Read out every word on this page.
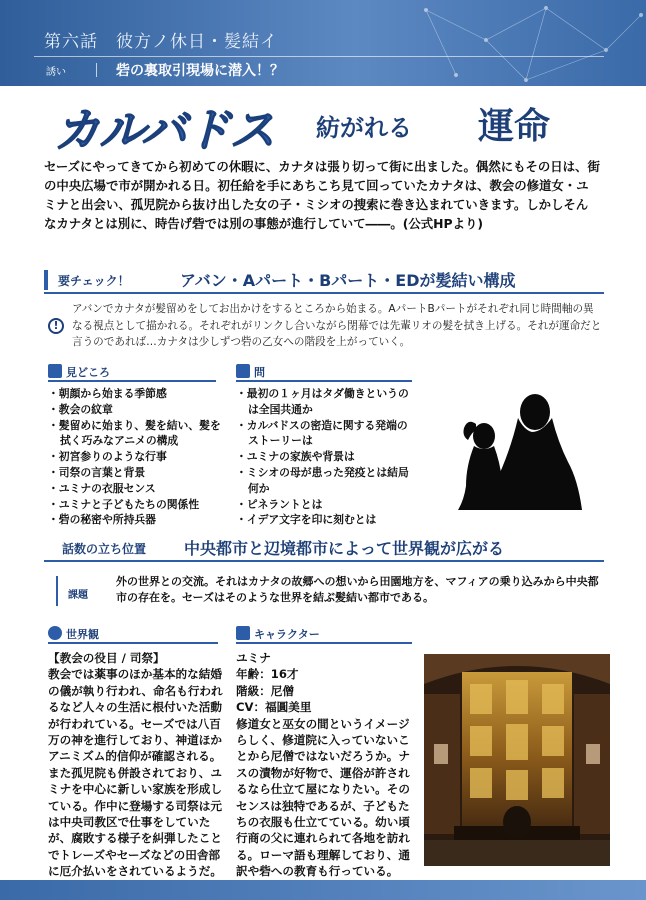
第六話　彼方ノ休日・髪結イ
誘い	砦の裏取引現場に潜入！？
カルバドス 紡がれる 運命

セーズにやってきてから初めての休暇に、カナタは張り切って街に出ました。偶然にもその日は、街の中央広場で市が開かれる日。初任給を手にあちこち見て回っていたカナタは、教会の修道女・ユミナと出会い、孤児院から抜け出した女の子・ミシオの捜索に巻き込まれていきます。しかしそんなカナタとは別に、時告げ砦では別の事態が進行していて――。(公式HPより)

要チェック！	アバン・Aパート・Bパート・EDが髪結い構成
!

アバンでカナタが髪留めをしてお出かけをするところから始まる。AパートBパートがそれぞれ同じ時間軸の異なる視点として描かれる。それぞれがリンクし合いながら閉幕では先輩リオの髪を拭き上げる。それが運命だと言うのであれば…カナタは少しずつ砦の乙女への階段を上がっていく。

見どころ
・ 朝顔から始まる季節感
・ 教会の紋章
・ 髪留めに始まり、髪を結い、髪を拭く巧みなアニメの構成
・ 初宮参りのような行事
・ 司祭の言葉と背景
・ ユミナの衣服センス
・ ユミナと子どもたちの関係性
・ 砦の秘密や所持兵器
問
・ 最初の１ヶ月はタダ働きというのは全国共通か
・ カルバドスの密造に関する発端のストーリーは
・ ユミナの家族や背景は
・ ミシオの母が患った発疫とは結局何か
・ ピネラントとは
・ イデア文字を印に刻むとは
話数の立ち位置 中央都市と辺境都市によって世界観が広がる
課題

外の世界との交流。それはカナタの故郷への想いから田園地方を、マフィアの乗り込みから中央都市の存在を。セーズはそのような世界を結ぶ髪結い都市である。

世界観
【教会の役目 / 司祭】
教会では薬事のほか基本的な結婚の儀が執り行われ、命名も行われるなど人々の生活に根付いた活動が行われている。セーズでは八百万の神を進行しており、神道ほかアニミズム的信仰が確認される。また孤児院も併設されており、ユミナを中心に新しい家族を形成している。作中に登場する司祭は元は中央司教区で仕事をしていたが、腐敗する様子を糾弾したことでトレーズやセーズなどの田舎部に厄介払いをされているようだ。
キャラクター
ユミナ
年齢：16才
階級：尼僧
CV：福圓美里
修道女と巫女の間というイメージらしく、修道院に入っていないことから尼僧ではないだろうか。ナスの漬物が好物で、運俗が許されるなら仕立て屋になりたい。そのセンスは独特であるが、子どもたちの衣服も仕立てている。幼い頃行商の父に連れられて各地を訪れる。ローマ語も理解しており、通訳や砦への教育も行っている。
